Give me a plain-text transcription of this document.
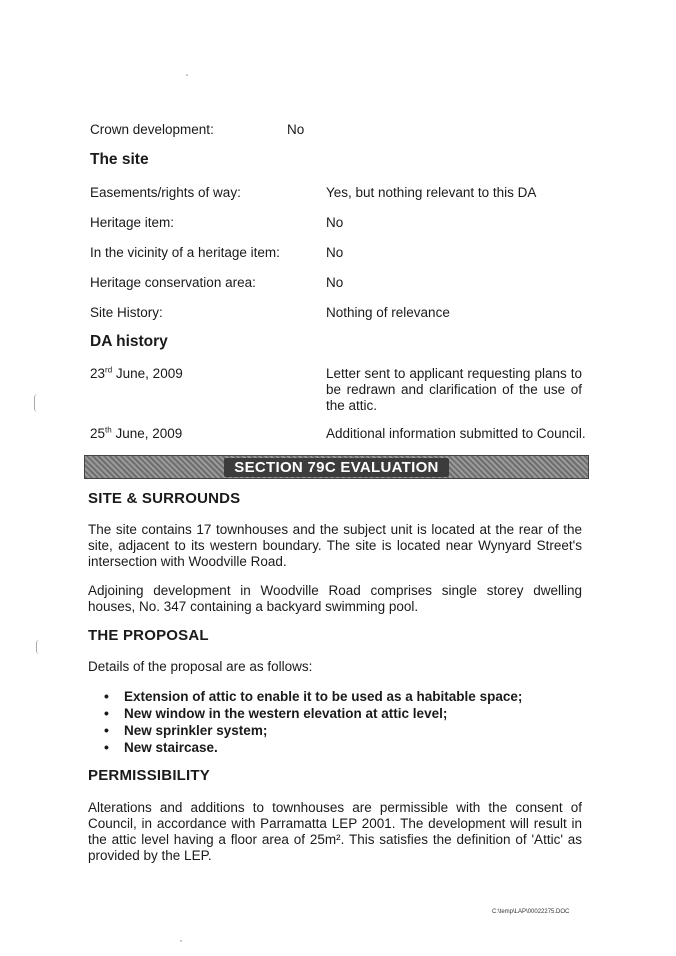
Crown development:	No
The site
Easements/rights of way:	Yes, but nothing relevant to this DA
Heritage item:	No
In the vicinity of a heritage item:	No
Heritage conservation area:	No
Site History:	Nothing of relevance
DA history
23rd June, 2009	Letter sent to applicant requesting plans to be redrawn and clarification of the use of the attic.
25th June, 2009	Additional information submitted to Council.
SECTION 79C EVALUATION
SITE & SURROUNDS
The site contains 17 townhouses and the subject unit is located at the rear of the site, adjacent to its western boundary. The site is located near Wynyard Street's intersection with Woodville Road.
Adjoining development in Woodville Road comprises single storey dwelling houses, No. 347 containing a backyard swimming pool.
THE PROPOSAL
Details of the proposal are as follows:
• Extension of attic to enable it to be used as a habitable space;
• New window in the western elevation at attic level;
• New sprinkler system;
• New staircase.
PERMISSIBILITY
Alterations and additions to townhouses are permissible with the consent of Council, in accordance with Parramatta LEP 2001. The development will result in the attic level having a floor area of 25m². This satisfies the definition of 'Attic' as provided by the LEP.
C:\temp\LAP\00022275.DOC
